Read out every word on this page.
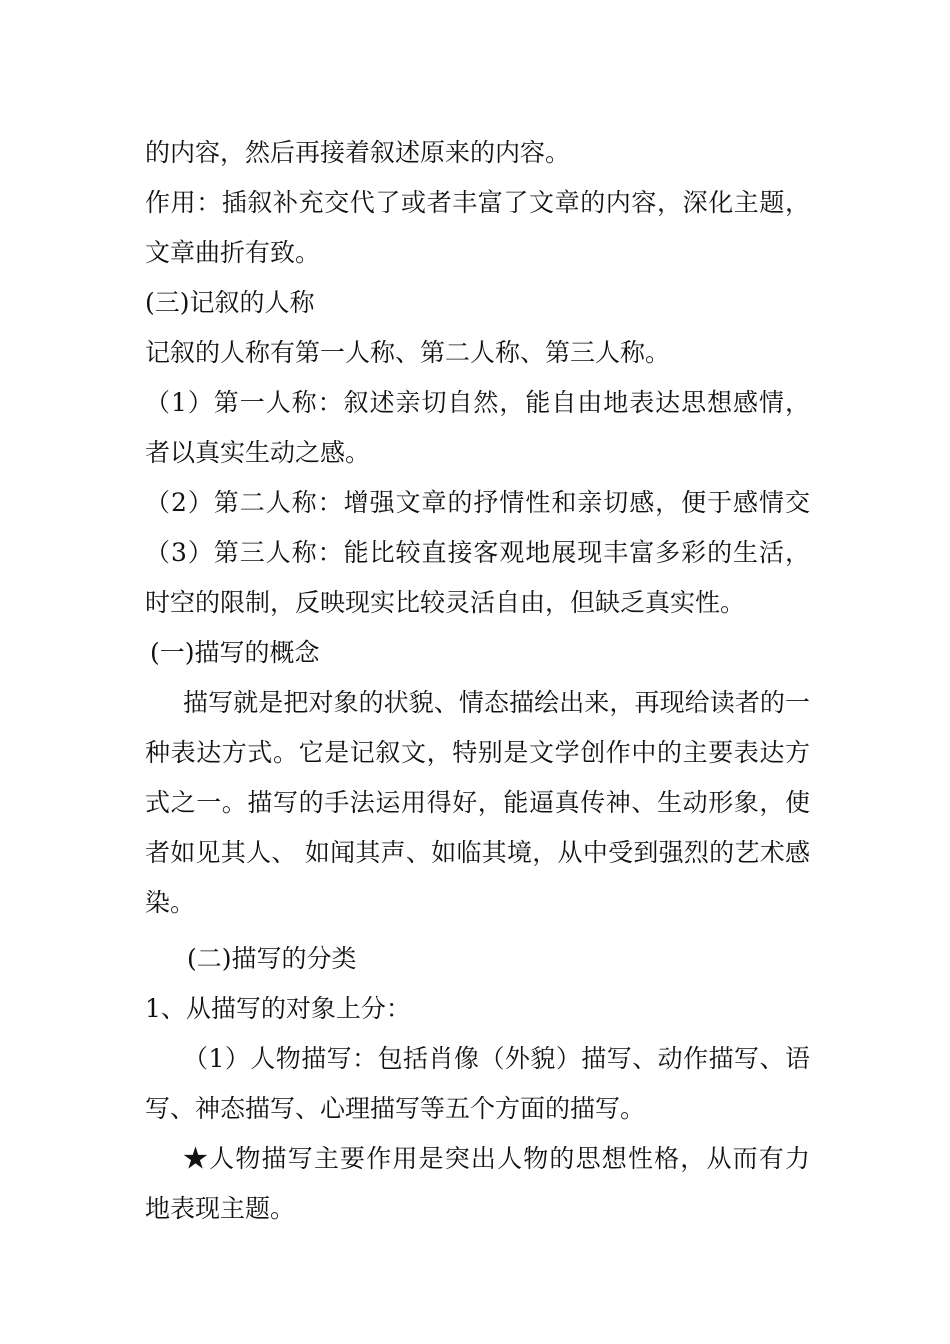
的内容，然后再接着叙述原来的内容。
作用：插叙补充交代了或者丰富了文章的内容，深化主题，
文章曲折有致。
(三)记叙的人称
记叙的人称有第一人称、第二人称、第三人称。
（1）第一人称：叙述亲切自然，能自由地表达思想感情，
者以真实生动之感。
（2）第二人称：增强文章的抒情性和亲切感，便于感情交
（3）第三人称：能比较直接客观地展现丰富多彩的生活，
时空的限制，反映现实比较灵活自由，但缺乏真实性。
(一)描写的概念
描写就是把对象的状貌、情态描绘出来，再现给读者的一
种表达方式。它是记叙文，特别是文学创作中的主要表达方
式之一。描写的手法运用得好，能逼真传神、生动形象，使
者如见其人、 如闻其声、如临其境，从中受到强烈的艺术感
染。
(二)描写的分类
1、从描写的对象上分：
（1）人物描写：包括肖像（外貌）描写、动作描写、语
写、神态描写、心理描写等五个方面的描写。
★人物描写主要作用是突出人物的思想性格，从而有力
地表现主题。
